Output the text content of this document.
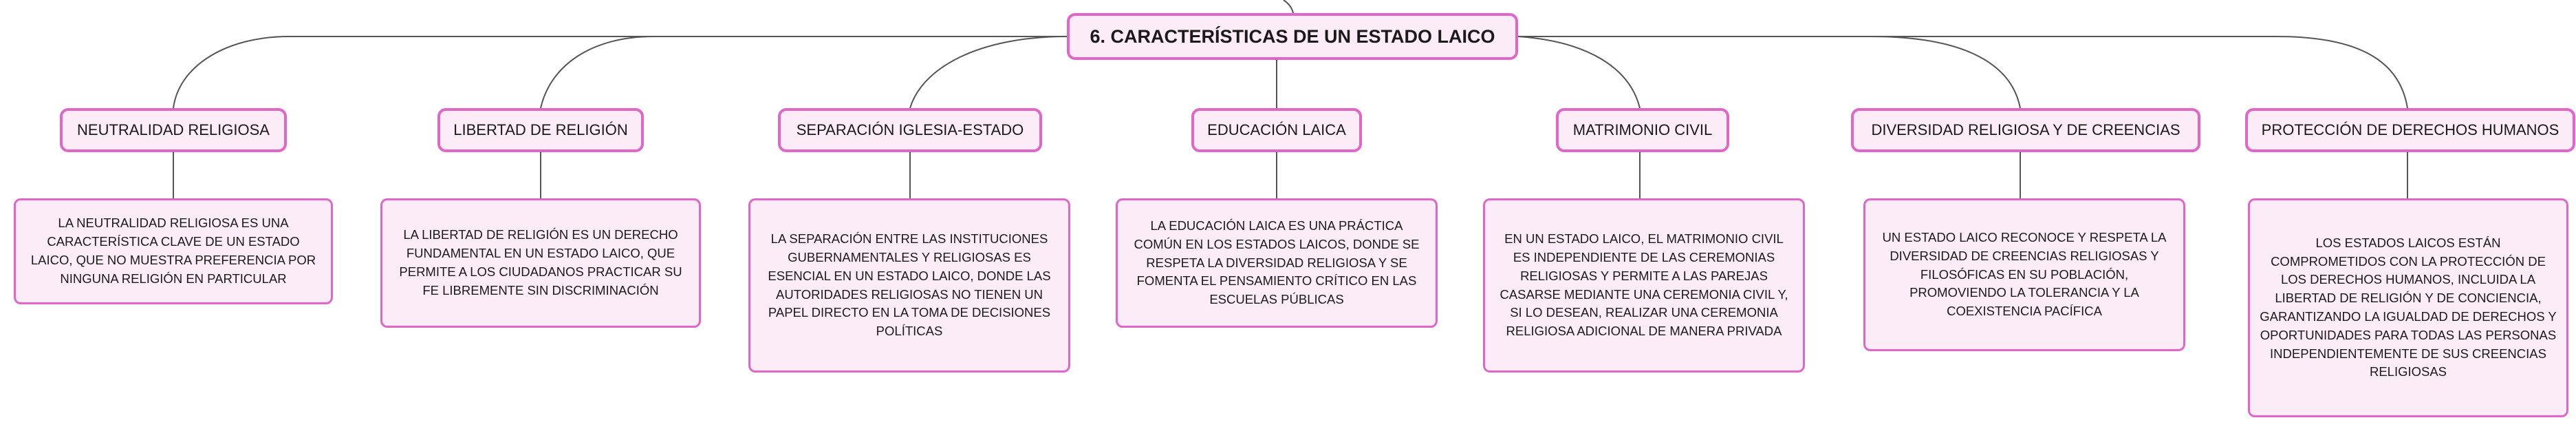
6. CARACTERÍSTICAS DE UN ESTADO LAICO
NEUTRALIDAD RELIGIOSA
LA NEUTRALIDAD RELIGIOSA ES UNA CARACTERÍSTICA CLAVE DE UN ESTADO LAICO, QUE NO MUESTRA PREFERENCIA POR NINGUNA RELIGIÓN EN PARTICULAR
LIBERTAD DE RELIGIÓN
LA LIBERTAD DE RELIGIÓN ES UN DERECHO FUNDAMENTAL EN UN ESTADO LAICO, QUE PERMITE A LOS CIUDADANOS PRACTICAR SU FE LIBREMENTE SIN DISCRIMINACIÓN
SEPARACIÓN IGLESIA-ESTADO
LA SEPARACIÓN ENTRE LAS INSTITUCIONES GUBERNAMENTALES Y RELIGIOSAS ES ESENCIAL EN UN ESTADO LAICO, DONDE LAS AUTORIDADES RELIGIOSAS NO TIENEN UN PAPEL DIRECTO EN LA TOMA DE DECISIONES POLÍTICAS
EDUCACIÓN LAICA
LA EDUCACIÓN LAICA ES UNA PRÁCTICA COMÚN EN LOS ESTADOS LAICOS, DONDE SE RESPETA LA DIVERSIDAD RELIGIOSA Y SE FOMENTA EL PENSAMIENTO CRÍTICO EN LAS ESCUELAS PÚBLICAS
MATRIMONIO CIVIL
EN UN ESTADO LAICO, EL MATRIMONIO CIVIL ES INDEPENDIENTE DE LAS CEREMONIAS RELIGIOSAS Y PERMITE A LAS PAREJAS CASARSE MEDIANTE UNA CEREMONIA CIVIL Y, SI LO DESEAN, REALIZAR UNA CEREMONIA RELIGIOSA ADICIONAL DE MANERA PRIVADA
DIVERSIDAD RELIGIOSA Y DE CREENCIAS
UN ESTADO LAICO RECONOCE Y RESPETA LA DIVERSIDAD DE CREENCIAS RELIGIOSAS Y FILOSÓFICAS EN SU POBLACIÓN, PROMOVIENDO LA TOLERANCIA Y LA COEXISTENCIA PACÍFICA
PROTECCIÓN DE DERECHOS HUMANOS
LOS ESTADOS LAICOS ESTÁN COMPROMETIDOS CON LA PROTECCIÓN DE LOS DERECHOS HUMANOS, INCLUIDA LA LIBERTAD DE RELIGIÓN Y DE CONCIENCIA, GARANTIZANDO LA IGUALDAD DE DERECHOS Y OPORTUNIDADES PARA TODAS LAS PERSONAS INDEPENDIENTEMENTE DE SUS CREENCIAS RELIGIOSAS
